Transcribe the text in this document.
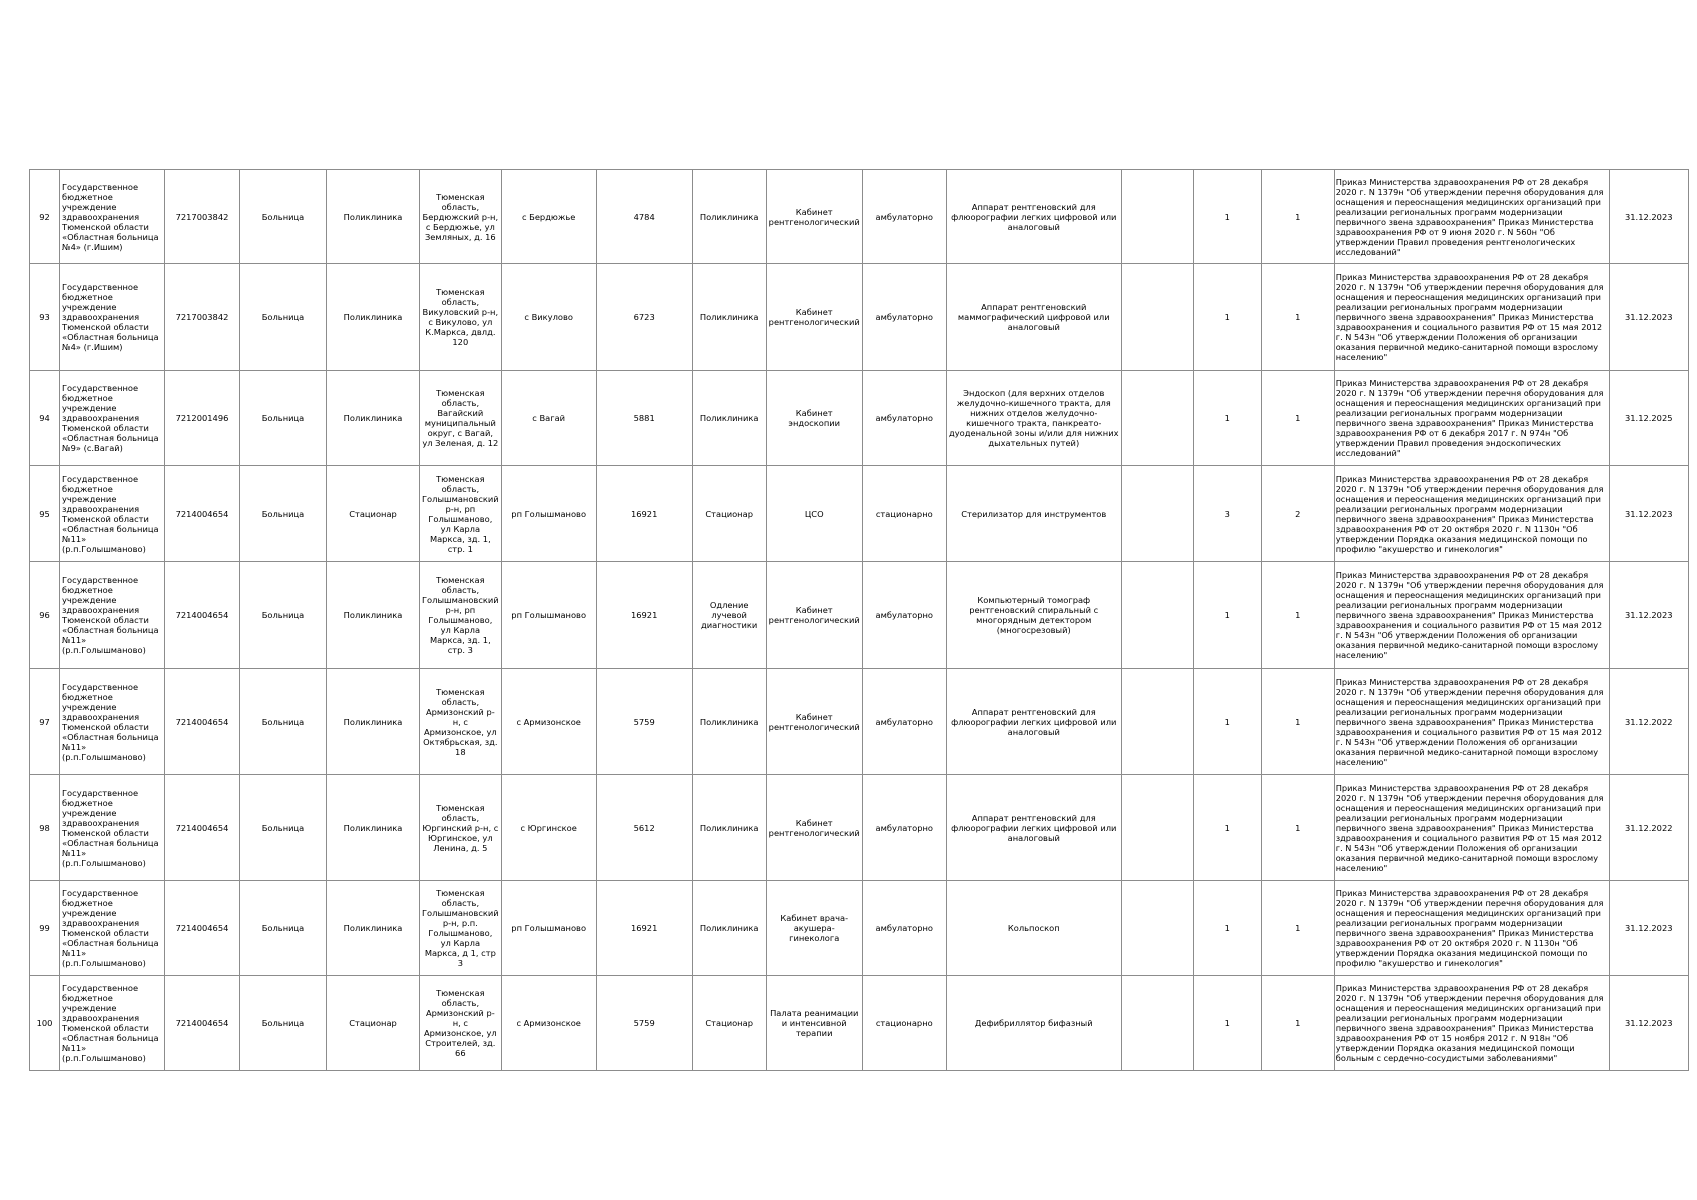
92	Государственное бюджетное учреждение здравоохранения Тюменской области «Областная больница №4» (г.Ишим)	7217003842	Больница	Поликлиника	Тюменская область, Бердюжский р-н, с Бердюжье, ул Земляных, д. 16	с Бердюжье	4784	Поликлиника	Кабинет рентгенологический	амбулаторно	Аппарат рентгеновский для флюорографии легких цифровой или аналоговый		1	1	Приказ Министерства здравоохранения РФ от 28 декабря 2020 г. N 1379н "Об утверждении перечня оборудования для оснащения и переоснащения медицинских организаций при реализации региональных программ модернизации первичного звена здравоохранения" Приказ Министерства здравоохранения РФ от 9 июня 2020 г. N 560н "Об утверждении Правил проведения рентгенологических исследований"	31.12.2023
93	Государственное бюджетное учреждение здравоохранения Тюменской области «Областная больница №4» (г.Ишим)	7217003842	Больница	Поликлиника	Тюменская область, Викуловский р-н, с Викулово, ул К.Маркса, двлд. 120	с Викулово	6723	Поликлиника	Кабинет рентгенологический	амбулаторно	Аппарат рентгеновский маммографический цифровой или аналоговый		1	1	Приказ Министерства здравоохранения РФ от 28 декабря 2020 г. N 1379н "Об утверждении перечня оборудования для оснащения и переоснащения медицинских организаций при реализации региональных программ модернизации первичного звена здравоохранения" Приказ Министерства здравоохранения и социального развития РФ от 15 мая 2012 г. N 543н "Об утверждении Положения об организации оказания первичной медико-санитарной помощи взрослому населению"	31.12.2023
94	Государственное бюджетное учреждение здравоохранения Тюменской области «Областная больница №9» (с.Вагай)	7212001496	Больница	Поликлиника	Тюменская область, Вагайский муниципальный округ, с Вагай, ул Зеленая, д. 12	с Вагай	5881	Поликлиника	Кабинет эндоскопии	амбулаторно	Эндоскоп (для верхних отделов желудочно-кишечного тракта, для нижних отделов желудочно-кишечного тракта, панкреато-дуоденальной зоны и/или для нижних дыхательных путей)		1	1	Приказ Министерства здравоохранения РФ от 28 декабря 2020 г. N 1379н "Об утверждении перечня оборудования для оснащения и переоснащения медицинских организаций при реализации региональных программ модернизации первичного звена здравоохранения" Приказ Министерства здравоохранения РФ от 6 декабря 2017 г. N 974н "Об утверждении Правил проведения эндоскопических исследований"	31.12.2025
95	Государственное бюджетное учреждение здравоохранения Тюменской области «Областная больница №11» (р.п.Голышманово)	7214004654	Больница	Стационар	Тюменская область, Голышмановский р-н, рп Голышманово, ул Карла Маркса, зд. 1, стр. 1	рп Голышманово	16921	Стационар	ЦСО	стационарно	Стерилизатор для инструментов		3	2	Приказ Министерства здравоохранения РФ от 28 декабря 2020 г. N 1379н "Об утверждении перечня оборудования для оснащения и переоснащения медицинских организаций при реализации региональных программ модернизации первичного звена здравоохранения" Приказ Министерства здравоохранения РФ от 20 октября 2020 г. N 1130н "Об утверждении Порядка оказания медицинской помощи по профилю "акушерство и гинекология"	31.12.2023
96	Государственное бюджетное учреждение здравоохранения Тюменской области «Областная больница №11» (р.п.Голышманово)	7214004654	Больница	Поликлиника	Тюменская область, Голышмановский р-н, рп Голышманово, ул Карла Маркса, зд. 1, стр. 3	рп Голышманово	16921	Одление лучевой диагностики	Кабинет рентгенологический	амбулаторно	Компьютерный томограф рентгеновский спиральный с многорядным детектором (многосрезовый)		1	1	Приказ Министерства здравоохранения РФ от 28 декабря 2020 г. N 1379н "Об утверждении перечня оборудования для оснащения и переоснащения медицинских организаций при реализации региональных программ модернизации первичного звена здравоохранения" Приказ Министерства здравоохранения и социального развития РФ от 15 мая 2012 г. N 543н "Об утверждении Положения об организации оказания первичной медико-санитарной помощи взрослому населению"	31.12.2023
97	Государственное бюджетное учреждение здравоохранения Тюменской области «Областная больница №11» (р.п.Голышманово)	7214004654	Больница	Поликлиника	Тюменская область, Армизонский р-н, с Армизонское, ул Октябрьская, зд. 18	с Армизонское	5759	Поликлиника	Кабинет рентгенологический	амбулаторно	Аппарат рентгеновский для флюорографии легких цифровой или аналоговый		1	1	Приказ Министерства здравоохранения РФ от 28 декабря 2020 г. N 1379н "Об утверждении перечня оборудования для оснащения и переоснащения медицинских организаций при реализации региональных программ модернизации первичного звена здравоохранения" Приказ Министерства здравоохранения и социального развития РФ от 15 мая 2012 г. N 543н "Об утверждении Положения об организации оказания первичной медико-санитарной помощи взрослому населению"	31.12.2022
98	Государственное бюджетное учреждение здравоохранения Тюменской области «Областная больница №11» (р.п.Голышманово)	7214004654	Больница	Поликлиника	Тюменская область, Юргинский р-н, с Юргинское, ул Ленина, д. 5	с Юргинское	5612	Поликлиника	Кабинет рентгенологический	амбулаторно	Аппарат рентгеновский для флюорографии легких цифровой или аналоговый		1	1	Приказ Министерства здравоохранения РФ от 28 декабря 2020 г. N 1379н "Об утверждении перечня оборудования для оснащения и переоснащения медицинских организаций при реализации региональных программ модернизации первичного звена здравоохранения" Приказ Министерства здравоохранения и социального развития РФ от 15 мая 2012 г. N 543н "Об утверждении Положения об организации оказания первичной медико-санитарной помощи взрослому населению"	31.12.2022
99	Государственное бюджетное учреждение здравоохранения Тюменской области «Областная больница №11» (р.п.Голышманово)	7214004654	Больница	Поликлиника	Тюменская область, Голышмановский р-н, р.п. Голышманово, ул Карла Маркса, д 1, стр 3	рп Голышманово	16921	Поликлиника	Кабинет врача-акушера-гинеколога	амбулаторно	Кольпоскоп		1	1	Приказ Министерства здравоохранения РФ от 28 декабря 2020 г. N 1379н "Об утверждении перечня оборудования для оснащения и переоснащения медицинских организаций при реализации региональных программ модернизации первичного звена здравоохранения" Приказ Министерства здравоохранения РФ от 20 октября 2020 г. N 1130н "Об утверждении Порядка оказания медицинской помощи по профилю "акушерство и гинекология"	31.12.2023
100	Государственное бюджетное учреждение здравоохранения Тюменской области «Областная больница №11» (р.п.Голышманово)	7214004654	Больница	Стационар	Тюменская область, Армизонский р-н, с Армизонское, ул Строителей, зд. 66	с Армизонское	5759	Стационар	Палата реанимации и интенсивной терапии	стационарно	Дефибриллятор бифазный		1	1	Приказ Министерства здравоохранения РФ от 28 декабря 2020 г. N 1379н "Об утверждении перечня оборудования для оснащения и переоснащения медицинских организаций при реализации региональных программ модернизации первичного звена здравоохранения" Приказ Министерства здравоохранения РФ от 15 ноября 2012 г. N 918н "Об утверждении Порядка оказания медицинской помощи больным с сердечно-сосудистыми заболеваниями"	31.12.2023
